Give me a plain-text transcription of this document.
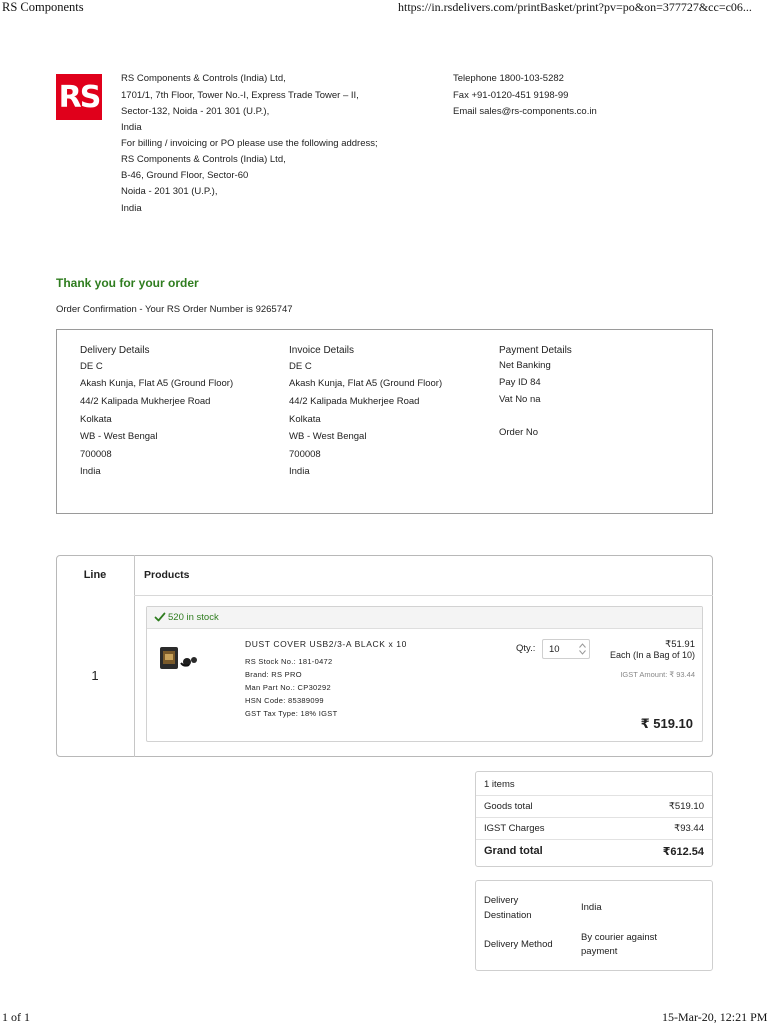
RS Components	https://in.rsdelivers.com/printBasket/print?pv=po&on=377727&cc=c06...
RS
RS Components & Controls (India) Ltd,
1701/1, 7th Floor, Tower No.-I, Express Trade Tower – II,
Sector-132, Noida - 201 301 (U.P.),
India
For billing / invoicing or PO please use the following address;
RS Components & Controls (India) Ltd,
B-46, Ground Floor, Sector-60
Noida - 201 301 (U.P.),
India
Telephone 1800-103-5282
Fax +91-0120-451 9198-99
Email sales@rs-components.co.in
Thank you for your order
Order Confirmation - Your RS Order Number is 9265747
Delivery Details
DE C
Akash Kunja, Flat A5 (Ground Floor)
44/2 Kalipada Mukherjee Road
Kolkata
WB - West Bengal
700008
India
Invoice Details
DE C
Akash Kunja, Flat A5 (Ground Floor)
44/2 Kalipada Mukherjee Road
Kolkata
WB - West Bengal
700008
India
Payment Details
Net Banking
Pay ID 84
Vat No na
Order No
Line	Products
1
520 in stock
DUST COVER USB2/3-A BLACK x 10
RS Stock No.: 181-0472
Brand: RS PRO
Man Part No.: CP30292
HSN Code: 85389099
GST Tax Type: 18% IGST
Qty.: 10	₹51.91
Each (In a Bag of 10)
IGST Amount: ₹ 93.44
₹ 519.10
1 items
Goods total	₹519.10
IGST Charges	₹93.44
Grand total	₹612.54
Delivery Destination
India
Delivery Method
By courier against payment
1 of 1	15-Mar-20, 12:21 PM
